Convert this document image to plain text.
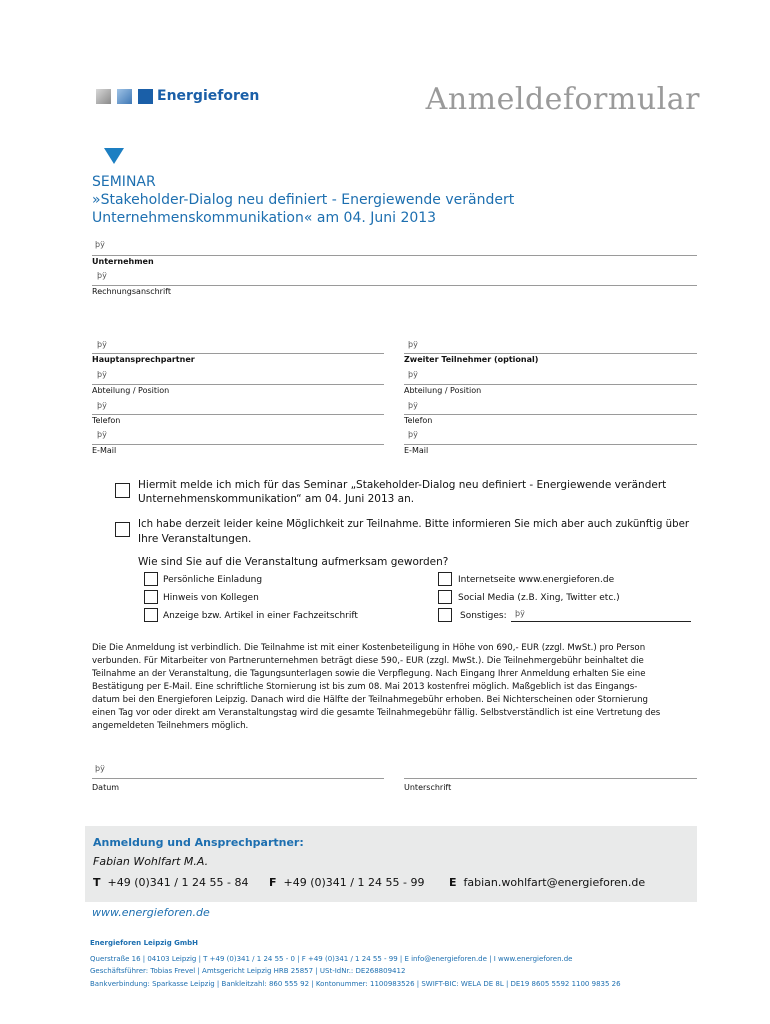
Energieforen	Anmeldeformular
SEMINAR
»Stakeholder-Dialog neu definiert - Energiewende verändert
Unternehmenskommunikation« am 04. Juni 2013
þÿ
Unternehmen
þÿ
Rechnungsanschrift
þÿ
Hauptansprechpartner
þÿ
Abteilung / Position
þÿ
Telefon
þÿ
E-Mail
þÿ
Zweiter Teilnehmer (optional)
þÿ
Abteilung / Position
þÿ
Telefon
þÿ
E-Mail
Hiermit melde ich mich für das Seminar „Stakeholder-Dialog neu definiert - Energiewende verändert
Unternehmenskommunikation“ am 04. Juni 2013 an.
Ich habe derzeit leider keine Möglichkeit zur Teilnahme. Bitte informieren Sie mich aber auch zukünftig über
Ihre Veranstaltungen.
Wie sind Sie auf die Veranstaltung aufmerksam geworden?
Persönliche Einladung
Hinweis von Kollegen
Anzeige bzw. Artikel in einer Fachzeitschrift
Internetseite www.energieforen.de
Social Media (z.B. Xing, Twitter etc.)
Sonstiges: þÿ
Die Die Anmeldung ist verbindlich. Die Teilnahme ist mit einer Kostenbeteiligung in Höhe von 690,- EUR (zzgl. MwSt.) pro Person
verbunden. Für Mitarbeiter von Partnerunternehmen beträgt diese 590,- EUR (zzgl. MwSt.). Die Teilnehmergebühr beinhaltet die
Teilnahme an der Veranstaltung, die Tagungsunterlagen sowie die Verpflegung. Nach Eingang Ihrer Anmeldung erhalten Sie eine
Bestätigung per E-Mail. Eine schriftliche Stornierung ist bis zum 08. Mai 2013 kostenfrei möglich. Maßgeblich ist das Eingangs-
datum bei den Energieforen Leipzig. Danach wird die Hälfte der Teilnahmegebühr erhoben. Bei Nichterscheinen oder Stornierung
einen Tag vor oder direkt am Veranstaltungstag wird die gesamte Teilnahmegebühr fällig. Selbstverständlich ist eine Vertretung des
angemeldeten Teilnehmers möglich.
þÿ
Datum	Unterschrift
Anmeldung und Ansprechpartner:
Fabian Wohlfart M.A.
T +49 (0)341 / 1 24 55 - 84 F +49 (0)341 / 1 24 55 - 99 E fabian.wohlfart@energieforen.de
www.energieforen.de
Energieforen Leipzig GmbH
Querstraße 16 | 04103 Leipzig | T +49 (0)341 / 1 24 55 - 0 | F +49 (0)341 / 1 24 55 - 99 | E info@energieforen.de | I www.energieforen.de
Geschäftsführer: Tobias Frevel | Amtsgericht Leipzig HRB 25857 | USt-IdNr.: DE268809412
Bankverbindung: Sparkasse Leipzig | Bankleitzahl: 860 555 92 | Kontonummer: 1100983526 | SWIFT-BIC: WELA DE 8L | DE19 8605 5592 1100 9835 26
